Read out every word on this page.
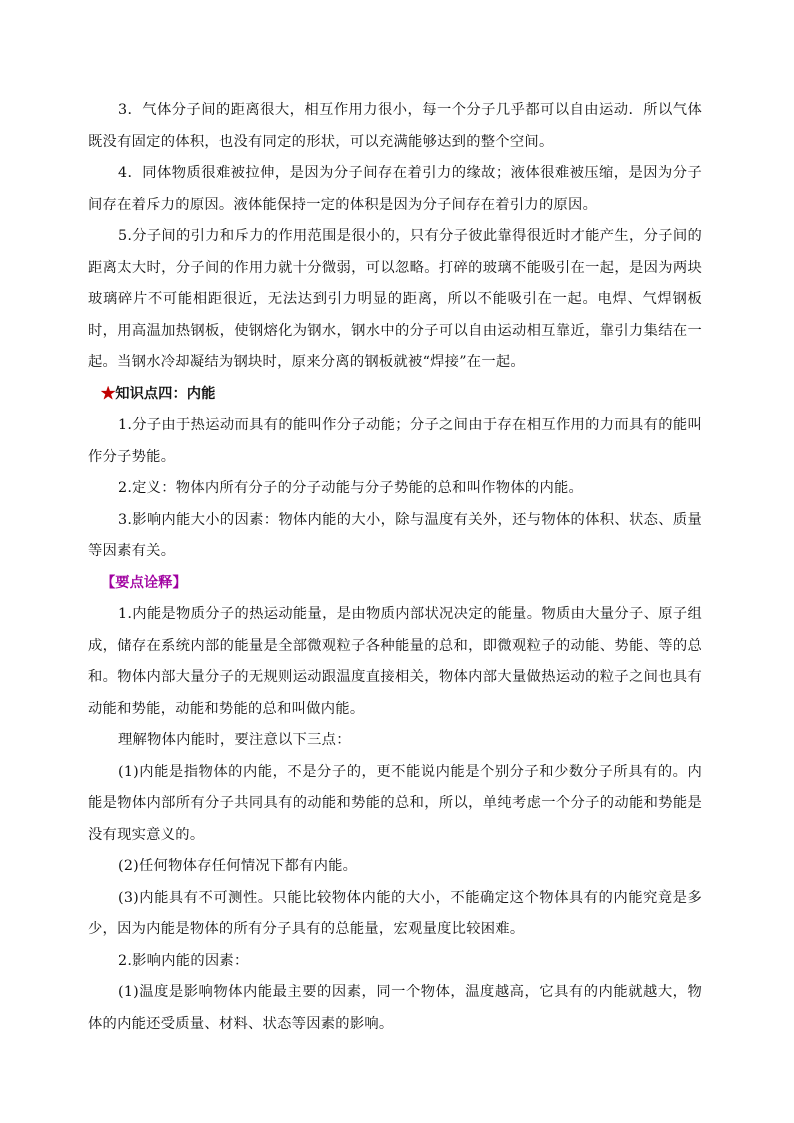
3．气体分子间的距离很大，相互作用力很小，每一个分子几乎都可以自由运动．所以气体既没有固定的体积，也没有同定的形状，可以充满能够达到的整个空间。

4．同体物质很难被拉伸，是因为分子间存在着引力的缘故；液体很难被压缩，是因为分子间存在着斥力的原因。液体能保持一定的体积是因为分子间存在着引力的原因。

5.分子间的引力和斥力的作用范围是很小的，只有分子彼此靠得很近时才能产生，分子间的距离太大时，分子间的作用力就十分微弱，可以忽略。打碎的玻璃不能吸引在一起，是因为两块玻璃碎片不可能相距很近，无法达到引力明显的距离，所以不能吸引在一起。电焊、气焊钢板时，用高温加热钢板，使钢熔化为钢水，钢水中的分子可以自由运动相互靠近，靠引力集结在一起。当钢水冷却凝结为钢块时，原来分离的钢板就被“焊接”在一起。

★知识点四：内能

1.分子由于热运动而具有的能叫作分子动能；分子之间由于存在相互作用的力而具有的能叫作分子势能。

2.定义：物体内所有分子的分子动能与分子势能的总和叫作物体的内能。

3.影响内能大小的因素：物体内能的大小，除与温度有关外，还与物体的体积、状态、质量等因素有关。

【要点诠释】

1.内能是物质分子的热运动能量，是由物质内部状况决定的能量。物质由大量分子、原子组成，储存在系统内部的能量是全部微观粒子各种能量的总和，即微观粒子的动能、势能、等的总和。物体内部大量分子的无规则运动跟温度直接相关，物体内部大量做热运动的粒子之间也具有动能和势能，动能和势能的总和叫做内能。

理解物体内能时，要注意以下三点：

(1)内能是指物体的内能，不是分子的，更不能说内能是个别分子和少数分子所具有的。内能是物体内部所有分子共同具有的动能和势能的总和，所以，单纯考虑一个分子的动能和势能是没有现实意义的。

(2)任何物体存任何情况下都有内能。

(3)内能具有不可测性。只能比较物体内能的大小，不能确定这个物体具有的内能究竟是多少，因为内能是物体的所有分子具有的总能量，宏观量度比较困难。

2.影响内能的因素：

(1)温度是影响物体内能最主要的因素，同一个物体，温度越高，它具有的内能就越大，物体的内能还受质量、材料、状态等因素的影响。
